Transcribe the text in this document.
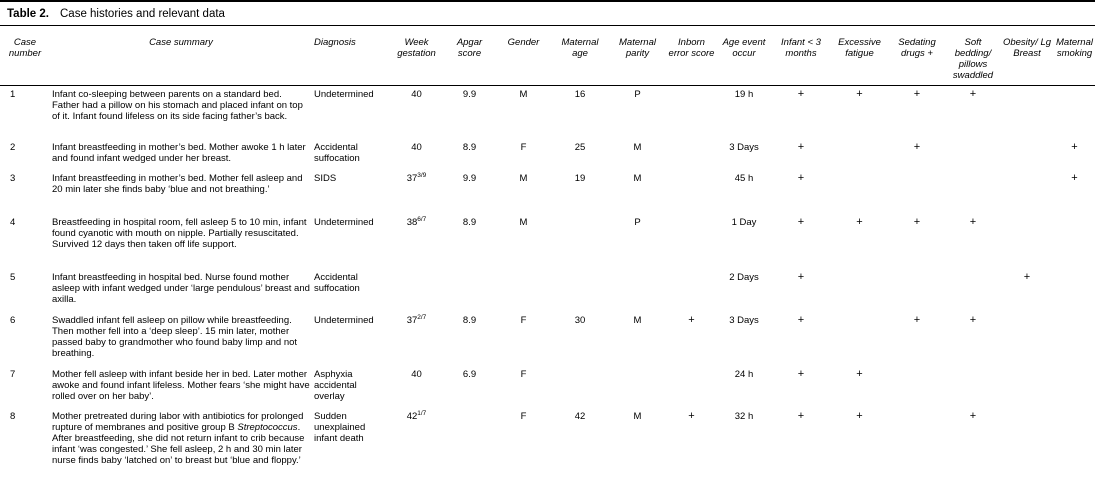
Table 2. Case histories and relevant data
Case number	Case summary	Diagnosis	Week gestation	Apgar score	Gender	Maternal age	Maternal parity	Inborn error score	Age event occur	Infant < 3 months	Excessive fatigue	Sedating drugs +	Soft bedding/ pillows swaddled	Obesity/ Lg Breast	Maternal smoking
1	Infant co-sleeping between parents on a standard bed. Father had a pillow on his stomach and placed infant on top of it. Infant found lifeless on its side facing father’s back.	Undetermined	40	9.9	M	16	P		19 h	+	+	+	+		
2	Infant breastfeeding in mother’s bed. Mother awoke 1 h later and found infant wedged under her breast.	Accidental suffocation	40	8.9	F	25	M		3 Days	+		+			+
3	Infant breastfeeding in mother’s bed. Mother fell asleep and 20 min later she finds baby ‘blue and not breathing.’	SIDS	$37^{3/9}$	9.9	M	19	M		45 h	+					+
4	Breastfeeding in hospital room, fell asleep 5 to 10 min, infant found cyanotic with mouth on nipple. Partially resuscitated. Survived 12 days then taken off life support.	Undetermined	$38^{6/7}$	8.9	M		P		1 Day	+	+	+	+		
5	Infant breastfeeding in hospital bed. Nurse found mother asleep with infant wedged under ‘large pendulous’ breast and axilla.	Accidental suffocation							2 Days	+				+	
6	Swaddled infant fell asleep on pillow while breastfeeding. Then mother fell into a ‘deep sleep’. 15 min later, mother passed baby to grandmother who found baby limp and not breathing.	Undetermined	$37^{2/7}$	8.9	F	30	M	+	3 Days	+		+	+		
7	Mother fell asleep with infant beside her in bed. Later mother awoke and found infant lifeless. Mother fears ‘she might have rolled over on her baby’.	Asphyxia accidental overlay	40	6.9	F				24 h	+	+				
8	Mother pretreated during labor with antibiotics for prolonged rupture of membranes and positive group B Streptococcus. After breastfeeding, she did not return infant to crib because infant ‘was congested.’ She fell asleep, 2 h and 30 min later nurse finds baby ‘latched on’ to breast but ‘blue and floppy.’	Sudden unexplained infant death	$42^{1/7}$		F	42	M	+	32 h	+	+		+		
